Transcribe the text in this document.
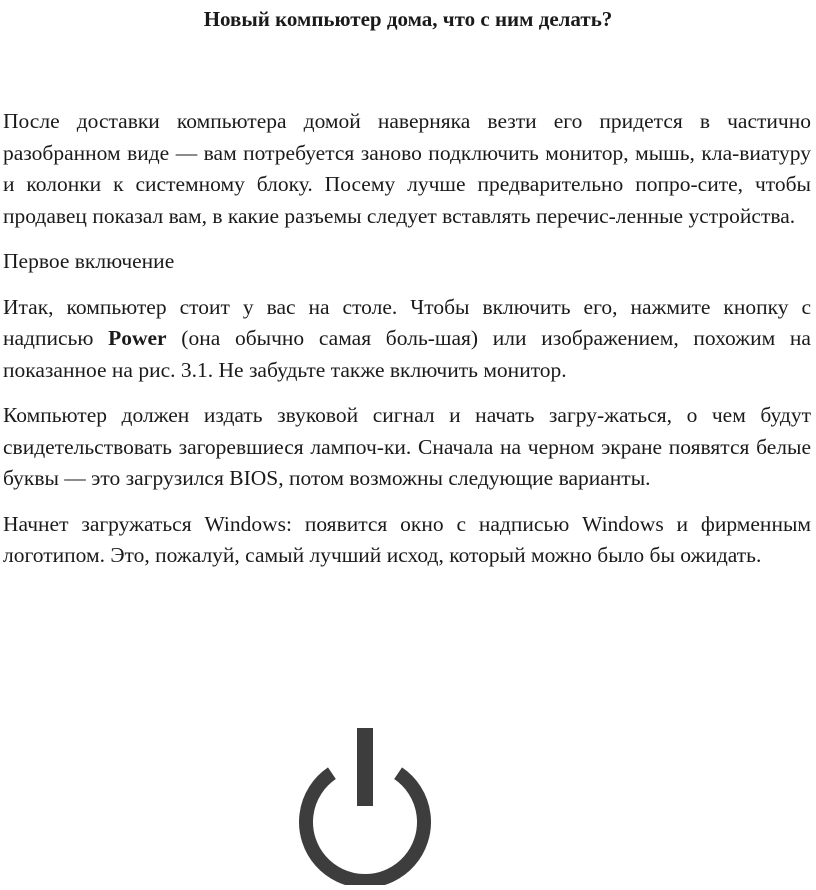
Новый компьютер дома, что с ним делать?

После доставки компьютера домой наверняка везти его придется в частично разобранном виде — вам потребуется заново подключить монитор, мышь, кла-виатуру и колонки к системному блоку. Посему лучше предварительно попро-сите, чтобы продавец показал вам, в какие разъемы следует вставлять перечис-ленные устройства.

Первое включение

Итак, компьютер стоит у вас на столе. Чтобы включить его, нажмите кнопку с надписью Power (она обычно самая боль-шая) или изображением, похожим на показанное на рис. 3.1. Не забудьте также включить монитор.

Компьютер должен издать звуковой сигнал и начать загру-жаться, о чем будут свидетельствовать загоревшиеся лампоч-ки. Сначала на черном экране появятся белые буквы — это загрузился BIOS, потом возможны следующие варианты.

Начнет загружаться Windows: появится окно с надписью Windows и фирменным логотипом. Это, пожалуй, самый лучший исход, который можно было бы ожидать.
